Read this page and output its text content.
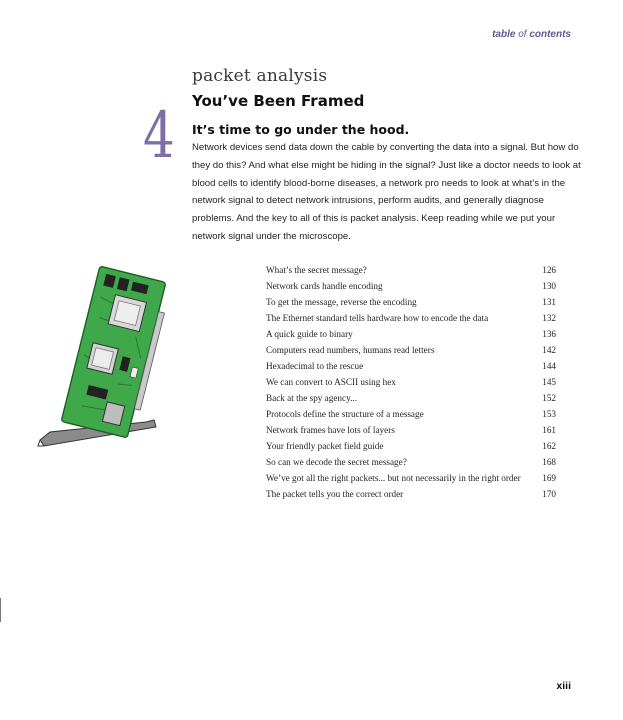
table of contents
4
packet analysis
You’ve Been Framed
It’s time to go under the hood.
Network devices send data down the cable by converting the data into a signal. But how do they do this? And what else might be hiding in the signal? Just like a doctor needs to look at blood cells to identify blood-borne diseases, a network pro needs to look at what’s in the network signal to detect network intrusions, perform audits, and generally diagnose problems. And the key to all of this is packet analysis. Keep reading while we put your network signal under the microscope.
What’s the secret message?	126
Network cards handle encoding	130
To get the message, reverse the encoding	131
The Ethernet standard tells hardware how to encode the data	132
A quick guide to binary	136
Computers read numbers, humans read letters	142
Hexadecimal to the rescue	144
We can convert to ASCII using hex	145
Back at the spy agency...	152
Protocols define the structure of a message	153
Network frames have lots of layers	161
Your friendly packet field guide	162
So can we decode the secret message?	168
We’ve got all the right packets... but not necessarily in the right order	169
The packet tells you the correct order	170
xiii
